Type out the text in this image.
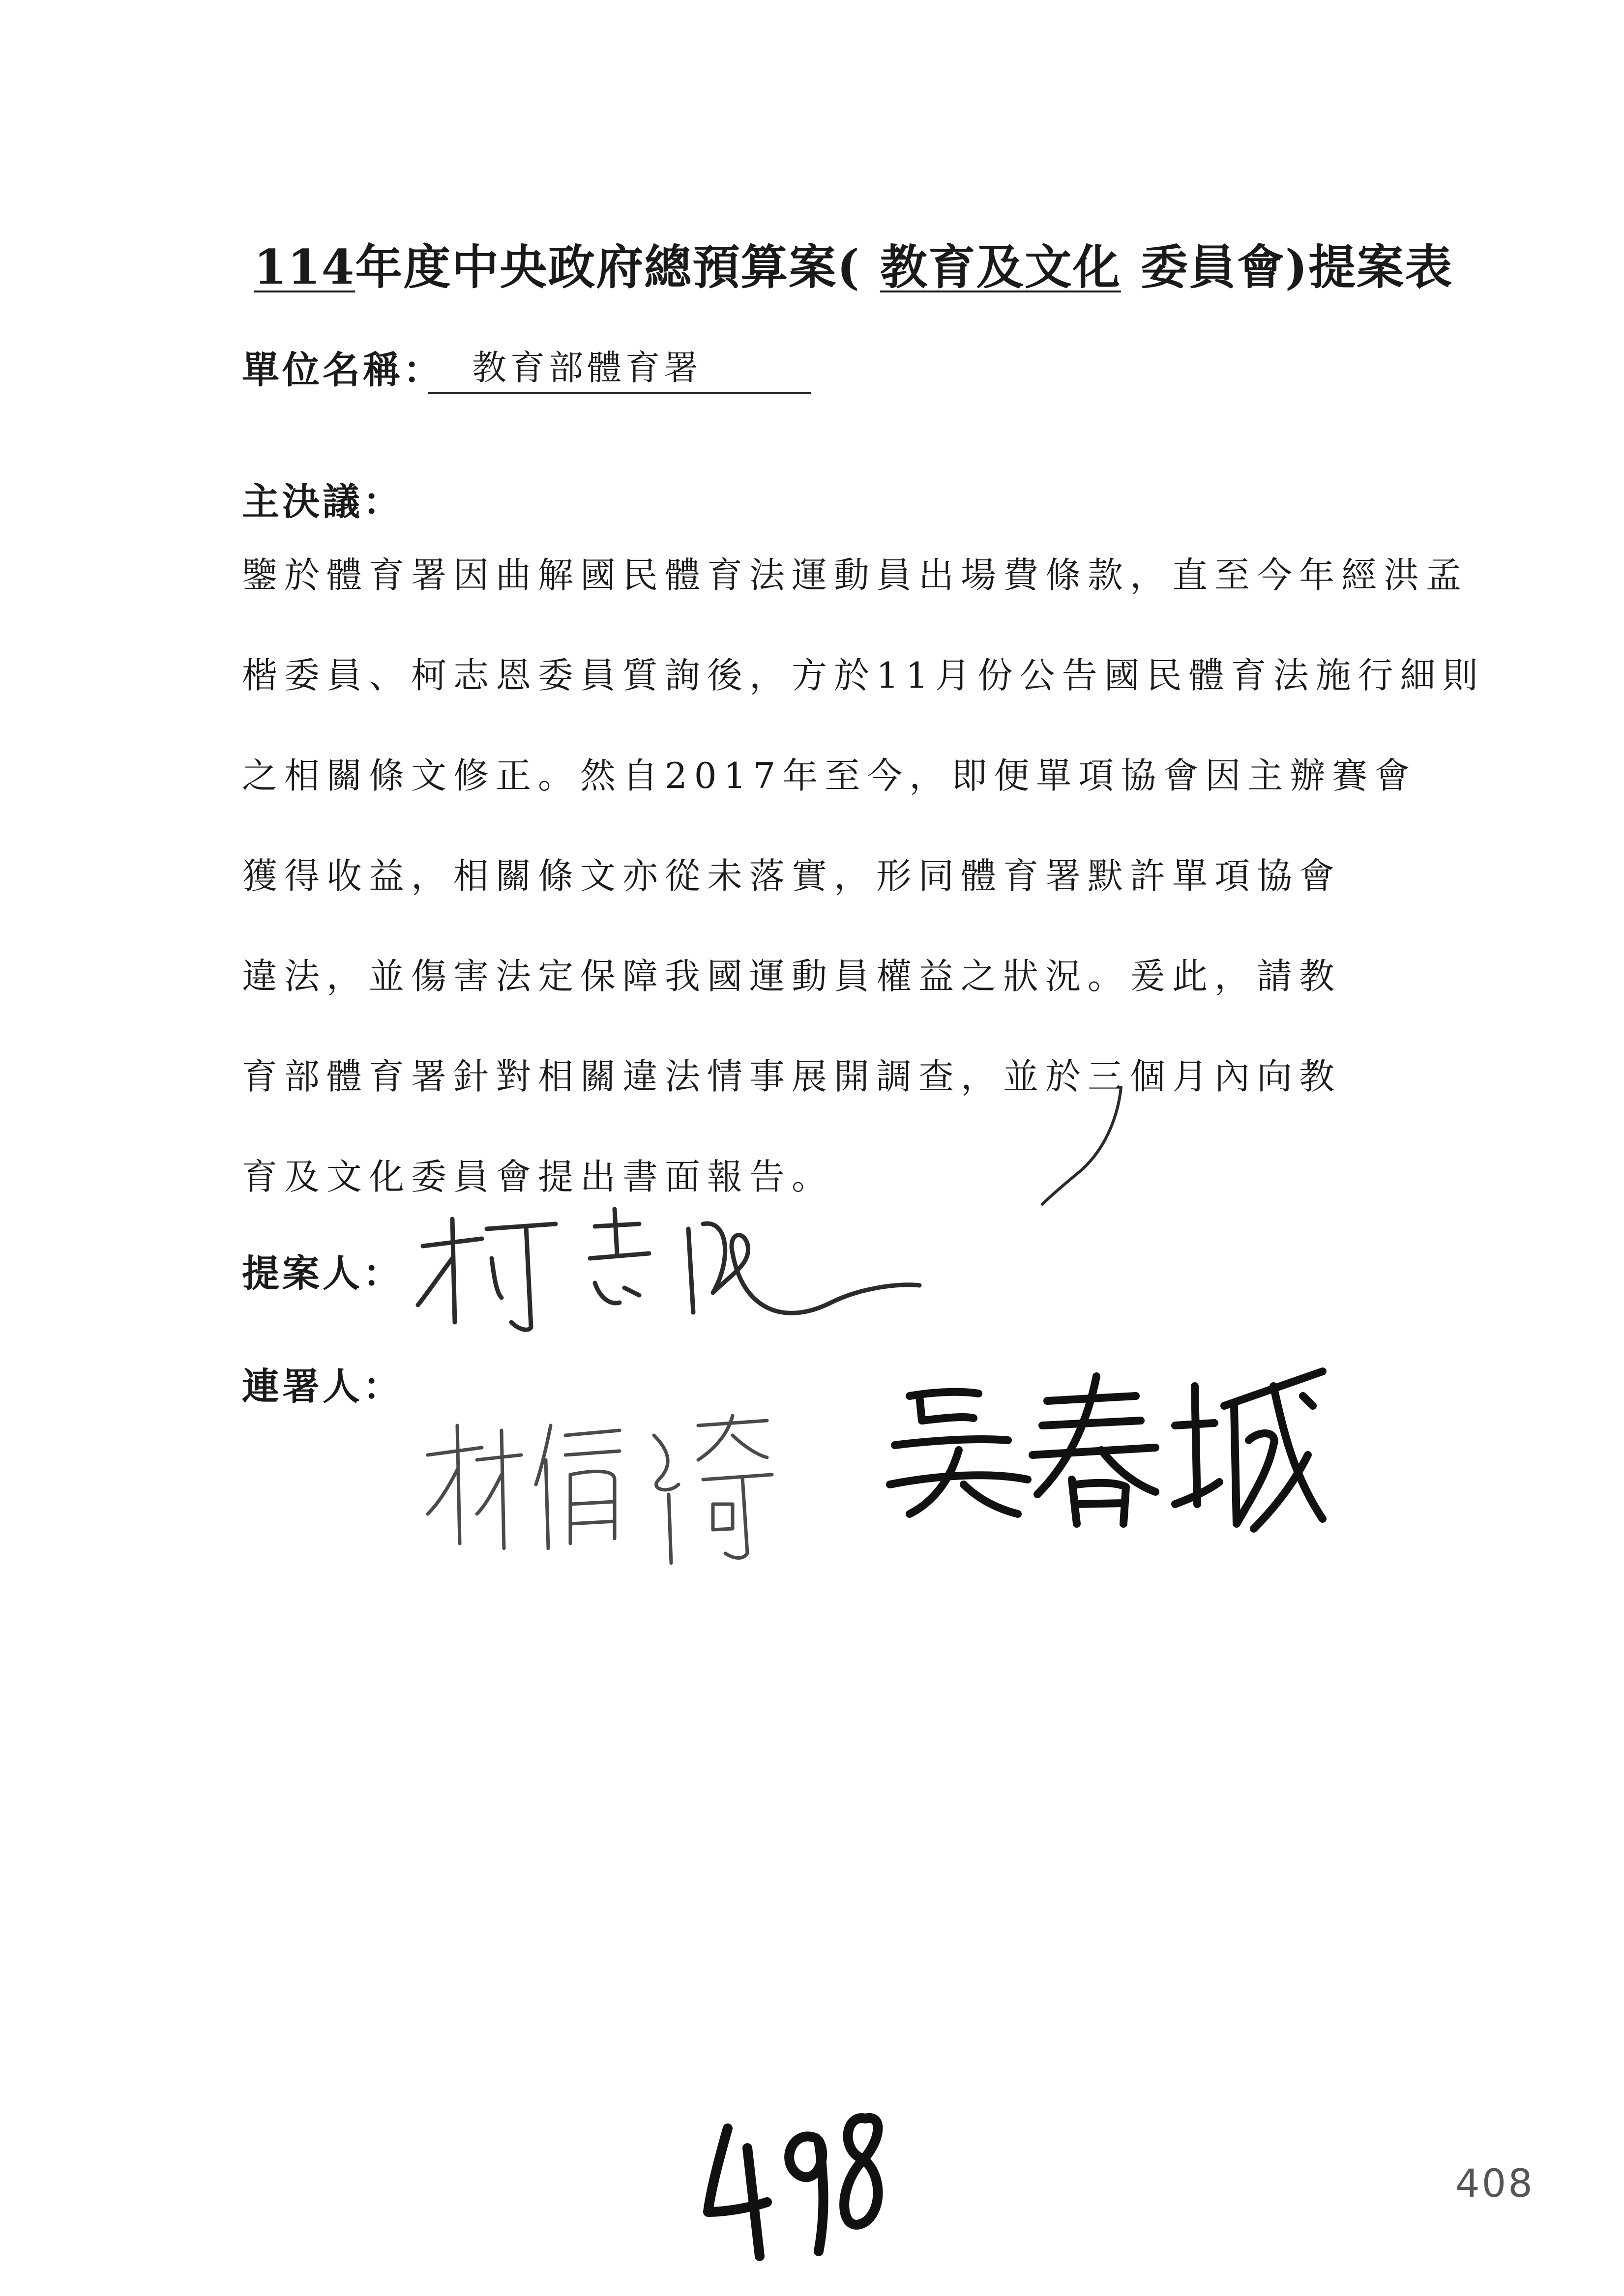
114年度中央政府總預算案( 教育及文化 委員會)提案表
單位名稱： 教育部體育署
主決議：
鑒於體育署因曲解國民體育法運動員出場費條款，直至今年經洪孟
楷委員、柯志恩委員質詢後，方於11月份公告國民體育法施行細則
之相關條文修正。然自2017年至今，即便單項協會因主辦賽會
獲得收益，相關條文亦從未落實，形同體育署默許單項協會
違法，並傷害法定保障我國運動員權益之狀況。爰此，請教
育部體育署針對相關違法情事展開調查，並於三個月內向教
育及文化委員會提出書面報告。
提案人：
連署人：
498
408
